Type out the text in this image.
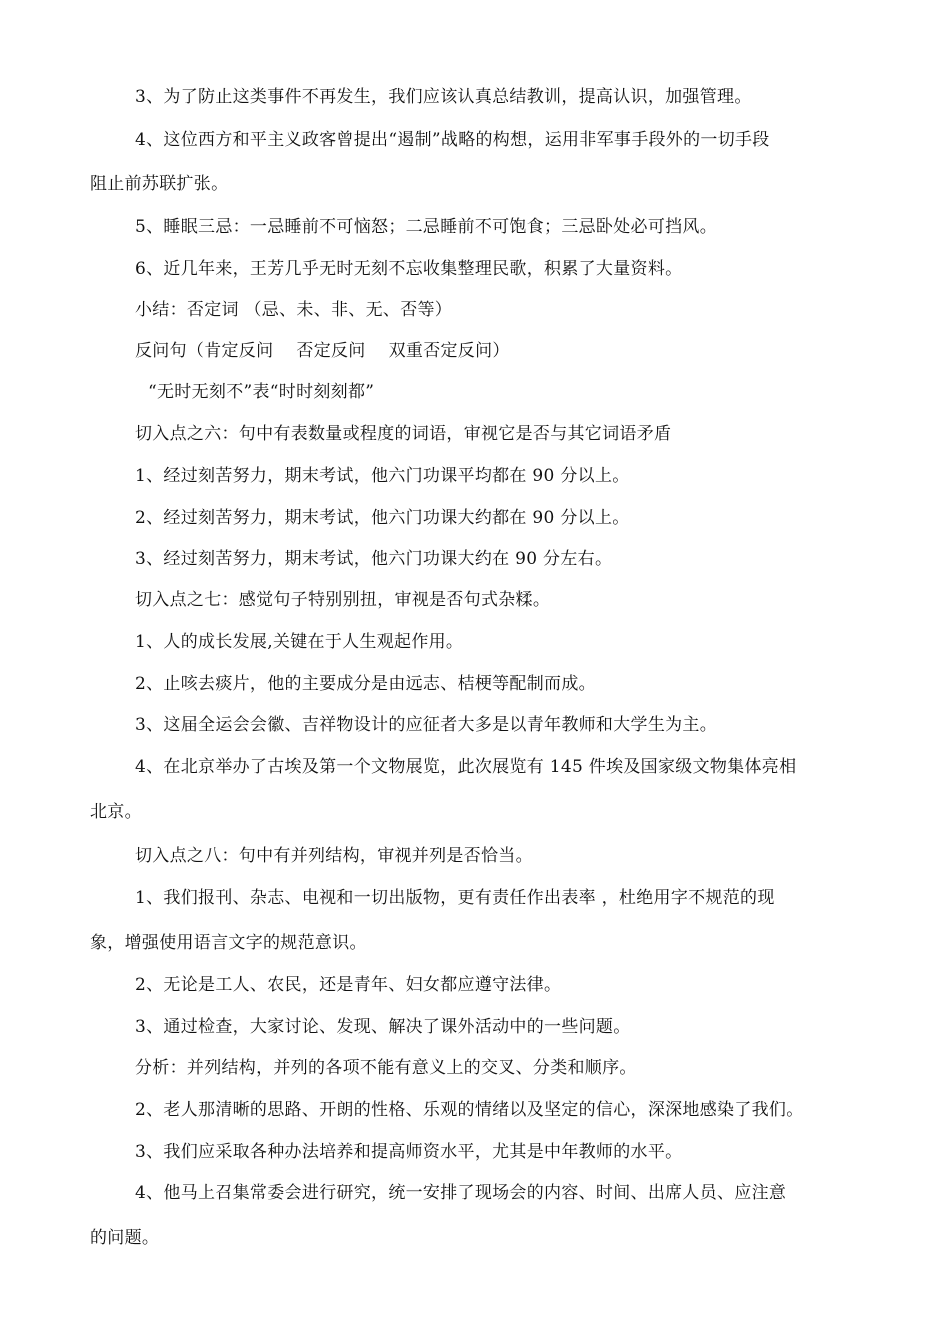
3、为了防止这类事件不再发生，我们应该认真总结教训，提高认识，加强管理。
4、这位西方和平主义政客曾提出“遏制”战略的构想，运用非军事手段外的一切手段
阻止前苏联扩张。
5、睡眠三忌：一忌睡前不可恼怒；二忌睡前不可饱食；三忌卧处必可挡风。
6、近几年来，王芳几乎无时无刻不忘收集整理民歌，积累了大量资料。
小结：否定词 （忌、未、非、无、否等）
反问句（肯定反问　 否定反问　 双重否定反问）
“无时无刻不”表“时时刻刻都”
切入点之六：句中有表数量或程度的词语，审视它是否与其它词语矛盾
1、经过刻苦努力，期末考试，他六门功课平均都在 90 分以上。
2、经过刻苦努力，期末考试，他六门功课大约都在 90 分以上。
3、经过刻苦努力，期末考试，他六门功课大约在 90 分左右。
切入点之七：感觉句子特别别扭，审视是否句式杂糅。
1、人的成长发展,关键在于人生观起作用。
2、止咳去痰片，他的主要成分是由远志、桔梗等配制而成。
3、这届全运会会徽、吉祥物设计的应征者大多是以青年教师和大学生为主。
4、在北京举办了古埃及第一个文物展览，此次展览有 145 件埃及国家级文物集体亮相
北京。
切入点之八：句中有并列结构，审视并列是否恰当。
1、我们报刊、杂志、电视和一切出版物，更有责任作出表率 ，杜绝用字不规范的现
象，增强使用语言文字的规范意识。
2、无论是工人、农民，还是青年、妇女都应遵守法律。
3、通过检查，大家讨论、发现、解决了课外活动中的一些问题。
分析：并列结构，并列的各项不能有意义上的交叉、分类和顺序。
2、老人那清晰的思路、开朗的性格、乐观的情绪以及坚定的信心，深深地感染了我们。
3、我们应采取各种办法培养和提高师资水平，尤其是中年教师的水平。
4、他马上召集常委会进行研究，统一安排了现场会的内容、时间、出席人员、应注意
的问题。
